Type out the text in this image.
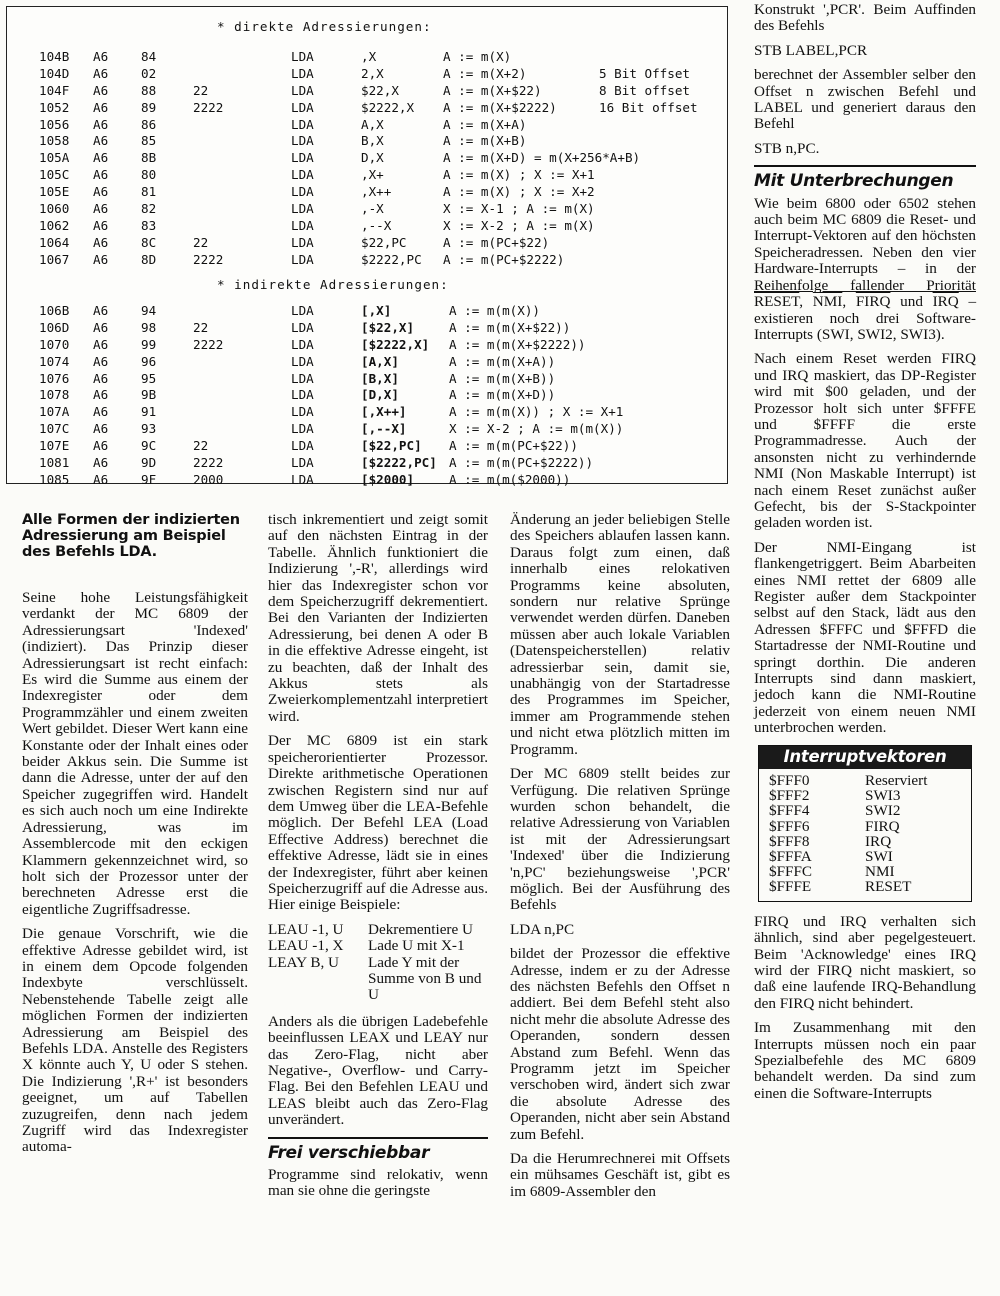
* direkte Adressierungen:
104B A6	84	LDA	,X	A := m(X)
104D A6	02	LDA	2,X	A := m(X+2)	5 Bit Offset
104F A6	88	22	LDA	$22,X	A := m(X+$22)	8 Bit offset
1052 A6	89	2222	LDA	$2222,X A := m(X+$2222)	16 Bit offset
1056 A6	86	LDA	A,X	A := m(X+A)
1058 A6	85	LDA	B,X	A := m(X+B)
105A A6	8B	LDA	D,X	A := m(X+D) = m(X+256*A+B)
105C A6	80	LDA	,X+	A := m(X) ; X := X+1
105E A6	81	LDA	,X++	A := m(X) ; X := X+2
1060 A6	82	LDA	,-X	X := X-1 ; A := m(X)
1062 A6	83	LDA	,--X	X := X-2 ; A := m(X)
1064 A6	8C	22	LDA	$22,PC	A := m(PC+$22)
1067 A6	8D	2222	LDA	$2222,PC A := m(PC+$2222)
* indirekte Adressierungen:
106B A6	94	LDA	[,X]	A := m(m(X))
106D A6	98	22	LDA	[$22,X]	A := m(m(X+$22))
1070 A6	99	2222	LDA	[$2222,X] A := m(m(X+$2222))
1074 A6	96	LDA	[A,X]	A := m(m(X+A))
1076 A6	95	LDA	[B,X]	A := m(m(X+B))
1078 A6	9B	LDA	[D,X]	A := m(m(X+D))
107A A6	91	LDA	[,X++]	A := m(m(X)) ; X := X+1
107C A6	93	LDA	[,--X]	X := X-2 ; A := m(m(X))
107E A6	9C	22	LDA	[$22,PC] A := m(m(PC+$22))
1081 A6	9D	2222	LDA	[$2222,PC] A := m(m(PC+$2222))
1085 A6	9F	2000	LDA	[$2000]	A := m(m($2000))
Alle Formen der indizierten Adressierung am Beispiel des Befehls LDA.

Seine hohe Leistungsfähigkeit verdankt der MC 6809 der Adressierungsart 'Indexed' (indiziert). Das Prinzip dieser Adressierungsart ist recht einfach: Es wird die Summe aus einem der Indexregister oder dem Programmzähler und einem zweiten Wert gebildet. Dieser Wert kann eine Konstante oder der Inhalt eines oder beider Akkus sein. Die Summe ist dann die Adresse, unter der auf den Speicher zugegriffen wird. Handelt es sich auch noch um eine Indirekte Adressierung, was im Assemblercode mit den eckigen Klammern gekennzeichnet wird, so holt sich der Prozessor unter der berechneten Adresse erst die eigentliche Zugriffsadresse.

Die genaue Vorschrift, wie die effektive Adresse gebildet wird, ist in einem dem Opcode folgenden Indexbyte verschlüsselt. Nebenstehende Tabelle zeigt alle möglichen Formen der indizierten Adressierung am Beispiel des Befehls LDA. Anstelle des Registers X könnte auch Y, U oder S stehen. Die Indizierung ',R+' ist besonders geeignet, um auf Tabellen zuzugreifen, denn nach jedem Zugriff wird das Indexregister automa-

tisch inkrementiert und zeigt somit auf den nächsten Eintrag in der Tabelle. Ähnlich funktioniert die Indizierung ',-R', allerdings wird hier das Indexregister schon vor dem Speicherzugriff dekrementiert. Bei den Varianten der Indizierten Adressierung, bei denen A oder B in die effektive Adresse eingeht, ist zu beachten, daß der Inhalt des Akkus stets als Zweierkomplementzahl interpretiert wird.

Der MC 6809 ist ein stark speicherorientierter Prozessor. Direkte arithmetische Operationen zwischen Registern sind nur auf dem Umweg über die LEA-Befehle möglich. Der Befehl LEA (Load Effective Address) berechnet die effektive Adresse, lädt sie in eines der Indexregister, führt aber keinen Speicherzugriff auf die Adresse aus. Hier einige Beispiele:

LEAU -1, U	Dekrementiere U
LEAU -1, X	Lade U mit X-1
LEAY B, U	Lade Y mit der Summe von B und U

Anders als die übrigen Ladebefehle beeinflussen LEAX und LEAY nur das Zero-Flag, nicht aber Negative-, Overflow- und Carry-Flag. Bei den Befehlen LEAU und LEAS bleibt auch das Zero-Flag unverändert.

Frei verschiebbar

Programme sind relokativ, wenn man sie ohne die geringste

Änderung an jeder beliebigen Stelle des Speichers ablaufen lassen kann. Daraus folgt zum einen, daß innerhalb eines relokativen Programms keine absoluten, sondern nur relative Sprünge verwendet werden dürfen. Daneben müssen aber auch lokale Variablen (Datenspeicherstellen) relativ adressierbar sein, damit sie, unabhängig von der Startadresse des Programmes im Speicher, immer am Programmende stehen und nicht etwa plötzlich mitten im Programm.

Der MC 6809 stellt beides zur Verfügung. Die relativen Sprünge wurden schon behandelt, die relative Adressierung von Variablen ist mit der Adressierungsart 'Indexed' über die Indizierung 'n,PC' beziehungsweise ',PCR' möglich. Bei der Ausführung des Befehls

LDA n,PC

bildet der Prozessor die effektive Adresse, indem er zu der Adresse des nächsten Befehls den Offset n addiert. Bei dem Befehl steht also nicht mehr die absolute Adresse des Operanden, sondern dessen Abstand zum Befehl. Wenn das Programm jetzt im Speicher verschoben wird, ändert sich zwar die absolute Adresse des Operanden, nicht aber sein Abstand zum Befehl.

Da die Herumrechnerei mit Offsets ein mühsames Geschäft ist, gibt es im 6809-Assembler den

Konstrukt ',PCR'. Beim Auffinden des Befehls

STB LABEL,PCR

berechnet der Assembler selber den Offset n zwischen Befehl und LABEL und generiert daraus den Befehl

STB n,PC.

Mit Unterbrechungen

Wie beim 6800 oder 6502 stehen auch beim MC 6809 die Reset- und Interrupt-Vektoren auf den höchsten Speicheradressen. Neben den vier Hardware-Interrupts – in der Reihenfolge fallender Priorität RESET, $\overline{NMI}$, FIRQ und $\overline{IRQ}$ – existieren noch drei Software-Interrupts (SWI, SWI2, SWI3).

Nach einem Reset werden FIRQ und IRQ maskiert, das DP-Register wird mit $00 geladen, und der Prozessor holt sich unter $FFFE und $FFFF die erste Programmadresse. Auch der ansonsten nicht zu verhindernde NMI (Non Maskable Interrupt) ist nach einem Reset zunächst außer Gefecht, bis der S-Stackpointer geladen worden ist.

Der NMI-Eingang ist flankengetriggert. Beim Abarbeiten eines NMI rettet der 6809 alle Register außer dem Stackpointer selbst auf den Stack, lädt aus den Adressen $FFFC und $FFFD die Startadresse der NMI-Routine und springt dorthin. Die anderen Interrupts sind dann maskiert, jedoch kann die NMI-Routine jederzeit von einem neuen NMI unterbrochen werden.

Interruptvektoren
$FFF0	Reserviert
$FFF2	SWI3
$FFF4	SWI2
$FFF6	FIRQ
$FFF8	IRQ
$FFFA	SWI
$FFFC	NMI
$FFFE	RESET

FIRQ und IRQ verhalten sich ähnlich, sind aber pegelgesteuert. Beim 'Acknowledge' eines IRQ wird der FIRQ nicht maskiert, so daß eine laufende IRQ-Behandlung den FIRQ nicht behindert.

Im Zusammenhang mit den Interrupts müssen noch ein paar Spezialbefehle des MC 6809 behandelt werden. Da sind zum einen die Software-Interrupts
